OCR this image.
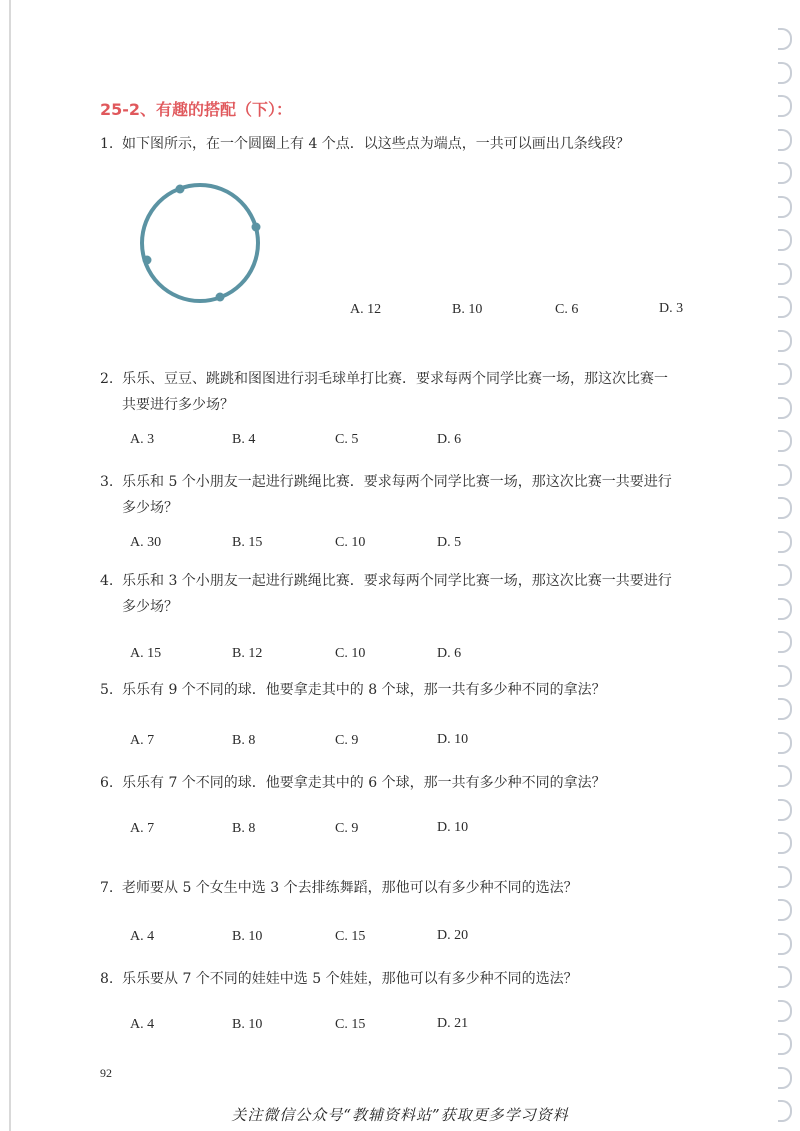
25-2、有趣的搭配（下）：
1. 如下图所示，在一个圆圈上有 4 个点．以这些点为端点，一共可以画出几条线段？
A. 12	B. 10	C. 6	D. 3
2. 乐乐、豆豆、跳跳和图图进行羽毛球单打比赛．要求每两个同学比赛一场，那这次比赛一
共要进行多少场？
A. 3	B. 4	C. 5	D. 6
3. 乐乐和 5 个小朋友一起进行跳绳比赛．要求每两个同学比赛一场，那这次比赛一共要进行
多少场？
A. 30	B. 15	C. 10	D. 5
4. 乐乐和 3 个小朋友一起进行跳绳比赛．要求每两个同学比赛一场，那这次比赛一共要进行
多少场？
A. 15	B. 12	C. 10	D. 6
5. 乐乐有 9 个不同的球．他要拿走其中的 8 个球，那一共有多少种不同的拿法？
A. 7	B. 8	C. 9	D. 10
6. 乐乐有 7 个不同的球．他要拿走其中的 6 个球，那一共有多少种不同的拿法？
A. 7	B. 8	C. 9	D. 10
7. 老师要从 5 个女生中选 3 个去排练舞蹈，那他可以有多少种不同的选法？
A. 4	B. 10	C. 15	D. 20
8. 乐乐要从 7 个不同的娃娃中选 5 个娃娃，那他可以有多少种不同的选法？
A. 4	B. 10	C. 15	D. 21
92
关注微信公众号“教辅资料站”获取更多学习资料
